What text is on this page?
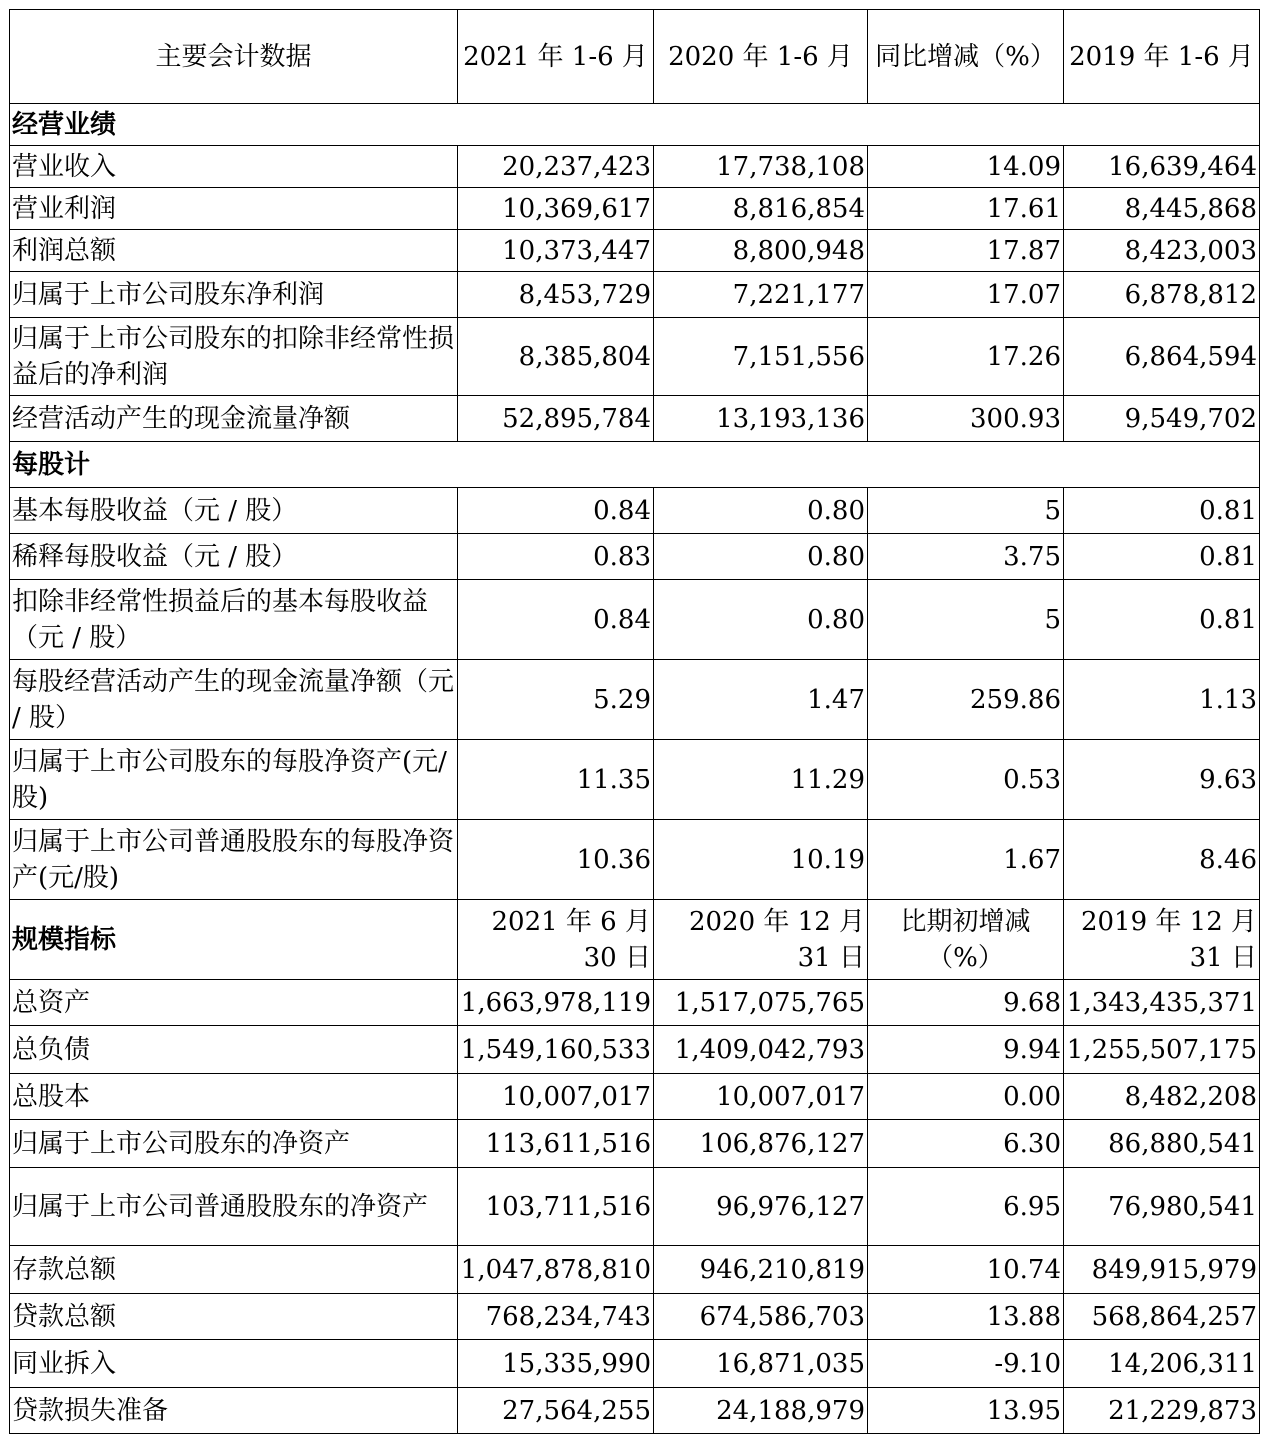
主要会计数据	2021 年 1-6 月	2020 年 1-6 月	同比增减（%）	2019 年 1-6 月
经营业绩				
营业收入	20,237,423	17,738,108	14.09	16,639,464
营业利润	10,369,617	8,816,854	17.61	8,445,868
利润总额	10,373,447	8,800,948	17.87	8,423,003
归属于上市公司股东净利润	8,453,729	7,221,177	17.07	6,878,812
归属于上市公司股东的扣除非经常性损益后的净利润	8,385,804	7,151,556	17.26	6,864,594
经营活动产生的现金流量净额	52,895,784	13,193,136	300.93	9,549,702
每股计				
基本每股收益（元 / 股）	0.84	0.80	5	0.81
稀释每股收益（元 / 股）	0.83	0.80	3.75	0.81
扣除非经常性损益后的基本每股收益（元 / 股）	0.84	0.80	5	0.81
每股经营活动产生的现金流量净额（元 / 股）	5.29	1.47	259.86	1.13
归属于上市公司股东的每股净资产(元/股)	11.35	11.29	0.53	9.63
归属于上市公司普通股股东的每股净资产(元/股)	10.36	10.19	1.67	8.46
规模指标	2021 年 6 月 30 日	2020 年 12 月 31 日	比期初增减（%）	2019 年 12 月 31 日
总资产	1,663,978,119	1,517,075,765	9.68	1,343,435,371
总负债	1,549,160,533	1,409,042,793	9.94	1,255,507,175
总股本	10,007,017	10,007,017	0.00	8,482,208
归属于上市公司股东的净资产	113,611,516	106,876,127	6.30	86,880,541
归属于上市公司普通股股东的净资产	103,711,516	96,976,127	6.95	76,980,541
存款总额	1,047,878,810	946,210,819	10.74	849,915,979
贷款总额	768,234,743	674,586,703	13.88	568,864,257
同业拆入	15,335,990	16,871,035	-9.10	14,206,311
贷款损失准备	27,564,255	24,188,979	13.95	21,229,873
